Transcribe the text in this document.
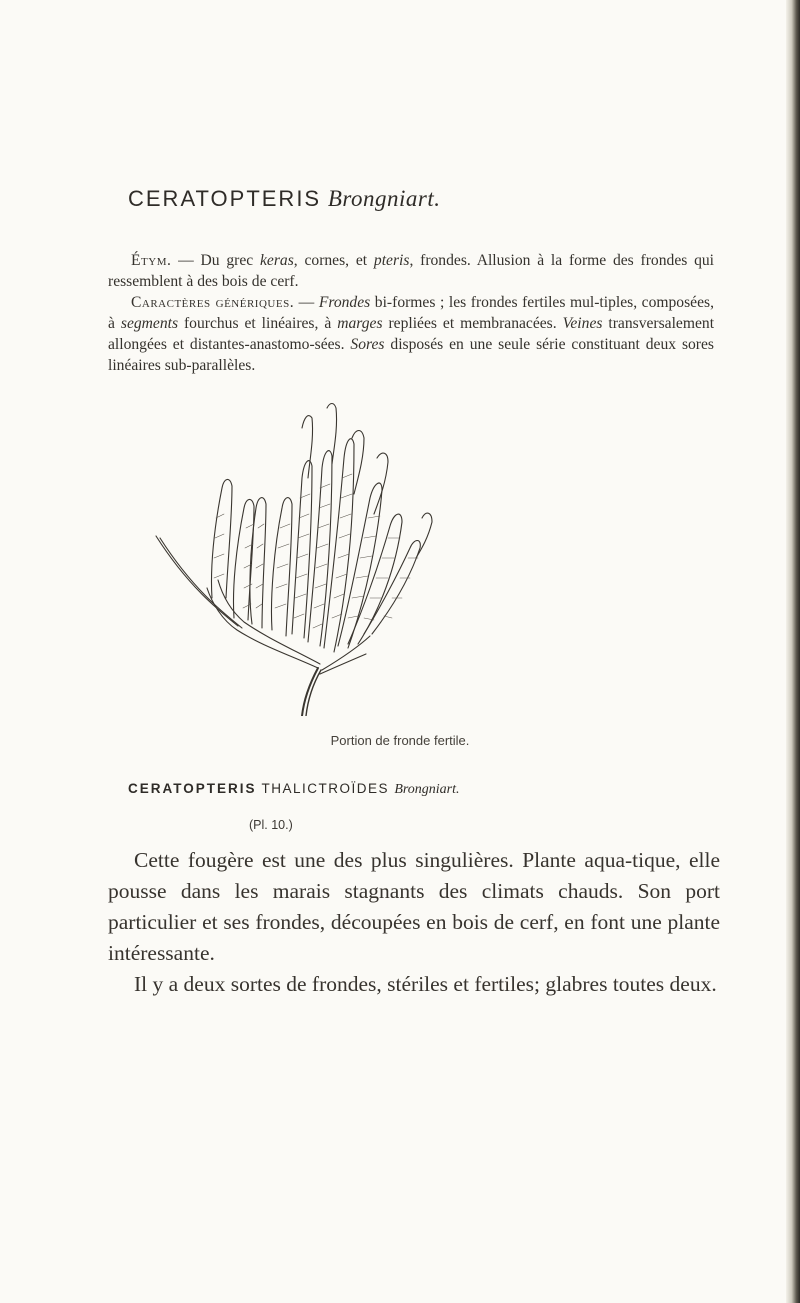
CERATOPTERIS Brongniart.
Étym. — Du grec keras, cornes, et pteris, frondes. Allusion à la forme des frondes qui ressemblent à des bois de cerf.
Caractères génériques. — Frondes bi-formes ; les frondes fertiles mul-tiples, composées, à segments fourchus et linéaires, à marges repliées et membranacées. Veines transversalement allongées et distantes-anastomo-sées. Sores disposés en une seule série constituant deux sores linéaires sub-parallèles.
Portion de fronde fertile.
CERATOPTERIS THALICTROÏDES Brongniart.
(Pl. 10.)
Cette fougère est une des plus singulières. Plante aqua-tique, elle pousse dans les marais stagnants des climats chauds. Son port particulier et ses frondes, découpées en bois de cerf, en font une plante intéressante.
Il y a deux sortes de frondes, stériles et fertiles; glabres toutes deux.
